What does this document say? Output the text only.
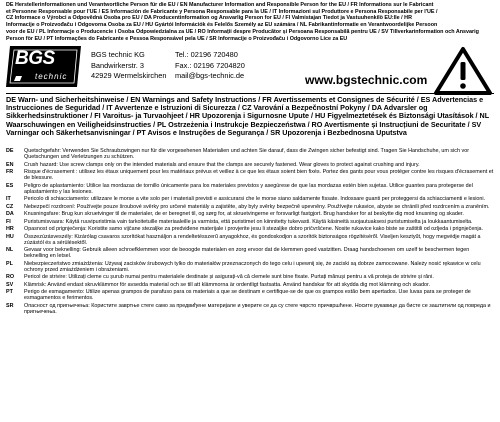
DE Herstellerinformationen und Verantwortliche Person für die EU / EN Manufacturer Information and Responsible Person for the EU / FR Informations sur le Fabricant
et Personne Responsable pour l'UE / ES Información de Fabricante y Persona Responsable para la UE / IT Informazioni sul Produttore e Persona Responsabile per l'UE /
CZ Informace o Výrobci a Odpovědná Osoba pro EU / DA Producentinformation og Ansvarlig Person for EU / FI Valmistajan Tiedot ja Vastuuhenkilö EU:lle / HR
Informacije o Proizvođaču i Odgovorna Osoba za EU / HU Gyártói Információk és Felelős Személy az EU számára / NL Fabrikantinformatie en Verantwoordelijke Persoon
voor de EU / PL Informacje o Producencie i Osoba Odpowiedzialna za UE / RO Informații despre Producător și Persoana Responsabilă pentru UE / SV Tillverkarinformation och Ansvarig Person för EU / PT Informações do Fabricante e Pessoa Responsável pela UE / SR Informacije o Proizvođaču i Odgovorno Lice za EU
BGS
technic
BGS technic KG
Bandwirkerstr. 3
42929 Wermelskirchen
Tel.: 02196 720480
Fax.: 02196 7204820
mail@bgs-technic.de	www.bgstechnic.com
DE Warn- und Sicherheitshinweise / EN Warnings and Safety Instructions / FR Avertissements et Consignes de Sécurité / ES Advertencias e Instrucciones de Seguridad / IT Avvertenze e Istruzioni di Sicurezza / CZ Varování a Bezpečnostní Pokyny / DA Advarsler og Sikkerhedsinstruktioner / FI Varoitus- ja Turvaohjeet / HR Upozorenja i Sigurnosne Upute / HU Figyelmeztetések és Biztonsági Utasítások / NL Waarschuwingen en Veiligheidsinstructies / PL Ostrzeżenia i Instrukcje Bezpieczeństwa / RO Avertismente și Instrucțiuni de Securitate / SV Varningar och Säkerhetsanvisningar / PT Avisos e Instruções de Segurança / SR Upozorenja i Bezbednosna Uputstva
DE Quetschgefahr: Verwenden Sie Schraubzwingen nur für die vorgesehenen Materialien und achten Sie darauf, dass die Zwingen sicher befestigt sind. Tragen Sie Handschuhe, um sich vor Quetschungen und Verletzungen zu schützen.
EN Crush hazard: Use screw clamps only on the intended materials and ensure that the clamps are securely fastened. Wear gloves to protect against crushing and injury.
FR Risque d'écrasement : utilisez les étaux uniquement pour les matériaux prévus et veillez à ce que les étaux soient bien fixés. Portez des gants pour vous protéger contre les risques d'écrasement et de blessure.
ES Peligro de aplastamiento: Utilice las mordazas de tornillo únicamente para los materiales previstos y asegúrese de que las mordazas estén bien sujetas. Utilice guantes para protegerse del aplastamiento y las lesiones.
IT Pericolo di schiacciamento: utilizzare le morse a vite solo per i materiali previsti e assicurarsi che le morse siano saldamente fissate. Indossare guanti per proteggersi da schiacciamenti e lesioni.
CZ Nebezpečí rozdrcení: Používejte pouze šroubové svěrky pro určené materiály a zajistěte, aby byly svěrky bezpečně upevněny. Používejte rukavice, abyste se chránili před rozdrcením a zraněním.
DA Knusningsfare: Brug kun skruetvinger til de materialer, de er beregnet til, og sørg for, at skruetvingerne er forsvarligt fastgjort. Brug handsker for at beskytte dig mod knusning og skader.
FI Puristumisvaara: Käytä ruuvipuristimia vain tarkoitetuille materiaaleille ja varmista, että puristimet on kiinnitetty tukevasti. Käytä käsineitä suojautuaksesi puristumiselta ja loukkaantumiselta.
HR Opasnost od prignječenja: Koristite samo vijčane stezaljke za predviđene materijale i provjerite jesu li stezaljke dobro pričvršćene. Nosite rukavice kako biste se zaštitili od ozljeda i prignječenja.
HU Összezúzásveszély: Kizárólag csavaros szorítókat használjon a rendeltetésszerű anyagokhoz, és gondoskodjon a szorítók biztonságos rögzítéséről. Viseljen kesztyűt, hogy megvédje magát a zúzástól és a sérülésektől.
NL Gevaar voor beknelling: Gebruik alleen schroefklemmen voor de beoogde materialen en zorg ervoor dat de klemmen goed vastzitten. Draag handschoenen om uzelf te beschermen tegen beknelling en letsel.
PL Niebezpieczeństwo zmiażdżenia: Używaj zacisków śrubowych tylko do materiałów przeznaczonych do tego celu i upewnij się, że zaciski są dobrze zamocowane. Należy nosić rękawice w celu ochrony przed zmiażdżeniem i obrażeniami.
RO Pericol de strivire: Utilizați cleme cu șurub numai pentru materialele destinate și asigurați-vă că clemele sunt bine fixate. Purtați mănuși pentru a vă proteja de strivire și răni.
SV Klämrisk: Använd endast skruvklämmor för avsedda material och se till att klämmorna är ordentligt fastsatta. Använd handskar för att skydda dig mot klämning och skador.
PT Perigo de esmagamento: Utilize apenas grampos de parafuso para os materiais a que se destinam e certifique-se de que os grampos estão bem apertados. Use luvas para se proteger de esmagamentos e ferimentos.
SR Опасност од пригњечења: Користите завртње стеге само за предвиђене материјале и уверите се да су стеге чврсто причвршћене. Носите рукавице да бисте се заштитили од повреда и пригњечења.
